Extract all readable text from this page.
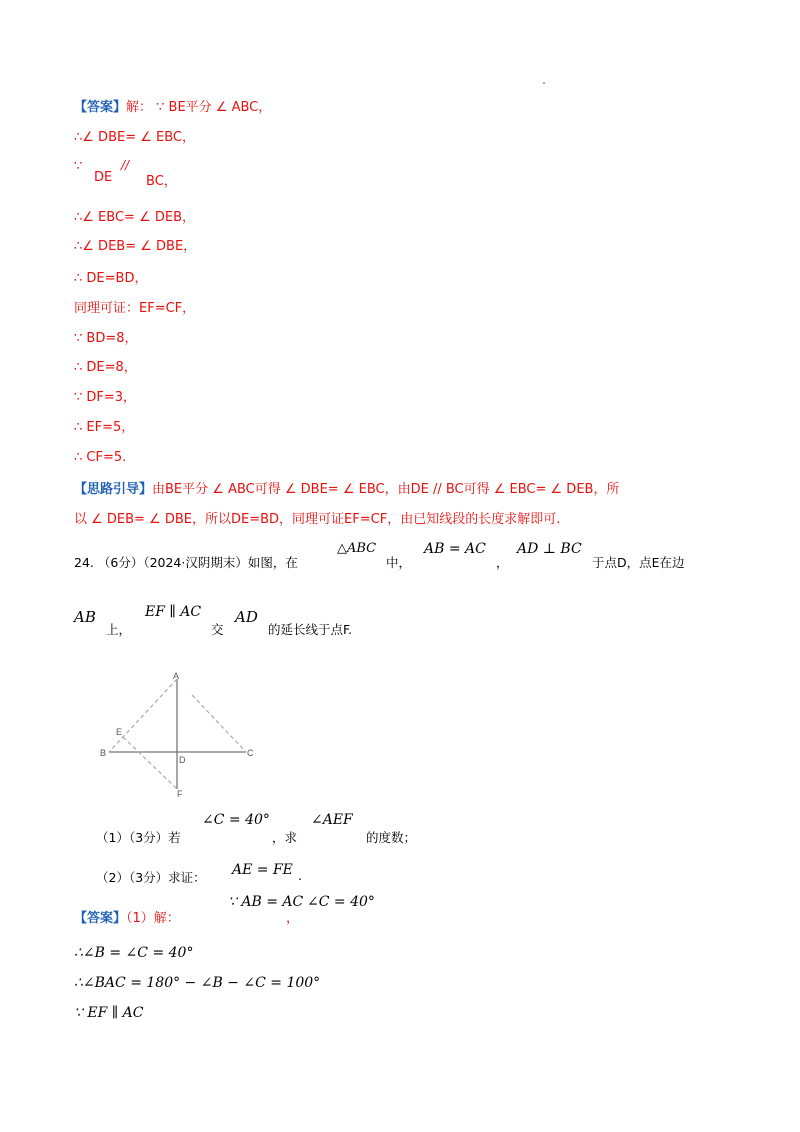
【答案】解： ∵ BE平分 ∠ ABC，
∴∠ DBE= ∠ EBC，
∵
DE
//
BC，
∴∠ EBC= ∠ DEB，
∴∠ DEB= ∠ DBE，
∴ DE=BD，
同理可证：EF=CF，
∵ BD=8，
∴ DE=8，
∵ DF=3，
∴ EF=5，
∴ CF=5.
【思路引导】由BE平分 ∠ ABC可得 ∠ DBE= ∠ EBC，由DE // BC可得 ∠ EBC= ∠ DEB，所
以 ∠ DEB= ∠ DBE，所以DE=BD，同理可证EF=CF，由已知线段的长度求解即可.
24. （6分）（2024·汉阴期末）如图，在
△ABC
中，
AB = AC
，
AD ⊥ BC
于点D，点E在边
AB
上，
EF ∥ AC
交
AD
的延长线于点F.
A
B	C
D
E
F
（1）（3分）若
∠C = 40°
，求
∠AEF
的度数；
（2）（3分）求证： AE = FE .
【答案】（1）解：
∵ AB = AC
，
∠C = 40°
∴∠B = ∠C = 40°
∴∠BAC = 180° − ∠B − ∠C = 100°
∵ EF ∥ AC
